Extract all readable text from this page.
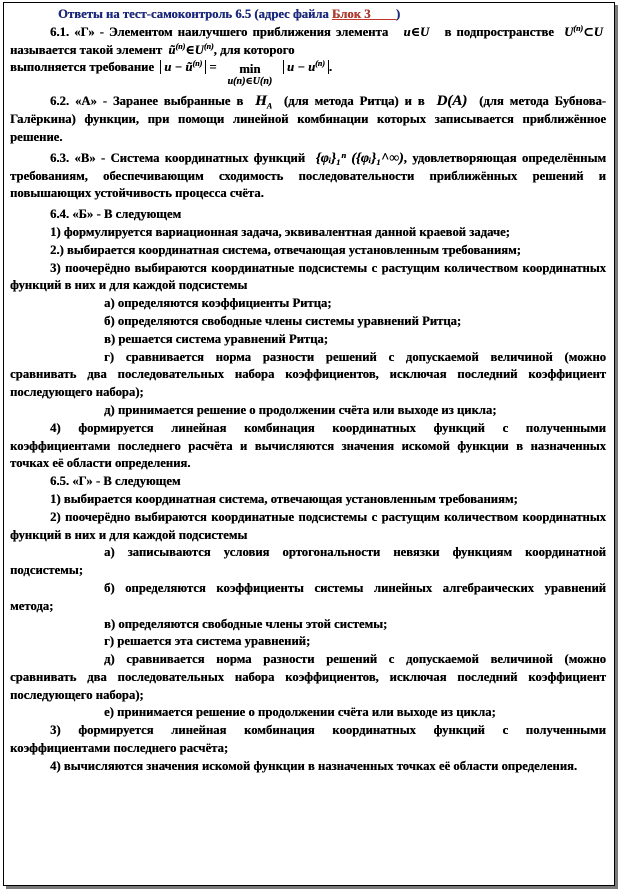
Ответы на тест-самоконтроль 6.5 (адрес файла Блок 3____)

6.1. «Г» - Элементом наилучшего приближения элемента u∈U в подпространстве $U^{(n)}\subset U$  называется такой элемент $ũ^{(n)}\in U^{(n)}$, для которого

выполняется требование $u - ũ^{(n)}$ =	min
u(n)∈U(n)
$u - u^{(n)}$ .

6.2. «А» - Заранее выбранные в $H_A$ (для метода Ритца) и в D(A) (для метода Бубнова-Галёркина) функции, при помощи линейной комбинации которых записывается приближённое решение.

6.3. «В» - Система координатных функций {φᵢ}₁ⁿ ({φᵢ}₁^∞), удовлетворяющая определённым требованиям, обеспечивающим сходимость последовательности приближённых решений и повышающих устойчивость процесса счёта.

6.4. «Б» - В следующем

1) формулируется вариационная задача, эквивалентная данной краевой задаче;

2.) выбирается координатная система, отвечающая установленным требованиям;

3) поочерёдно выбираются координатные подсистемы с растущим количеством координатных функций в них и для каждой подсистемы

а) определяются коэффициенты Ритца;

б) определяются свободные члены системы уравнений Ритца;

в) решается система уравнений Ритца;

г) сравнивается норма разности решений с допускаемой величиной (можно сравнивать два последовательных набора коэффициентов, исключая последний коэффициент последующего набора);

д) принимается решение о продолжении счёта или выходе из цикла;

4) формируется линейная комбинация координатных функций с полученными коэффициентами последнего расчёта и вычисляются значения искомой функции в назначенных точках её области определения.

6.5. «Г» - В следующем

1) выбирается координатная система, отвечающая установленным требованиям;

2) поочерёдно выбираются координатные подсистемы с растущим количеством координатных функций в них и для каждой подсистемы

а) записываются условия ортогональности невязки функциям координатной подсистемы;

б) определяются коэффициенты системы линейных алгебраических уравнений метода;

в) определяются свободные члены этой системы;

г) решается эта система уравнений;

д) сравнивается норма разности решений с допускаемой величиной (можно сравнивать два последовательных набора коэффициентов, исключая последний коэффициент последующего набора);

е) принимается решение о продолжении счёта или выходе из цикла;

3) формируется линейная комбинация координатных функций с полученными коэффициентами последнего расчёта;

4) вычисляются значения искомой функции в назначенных точках её области определения.
